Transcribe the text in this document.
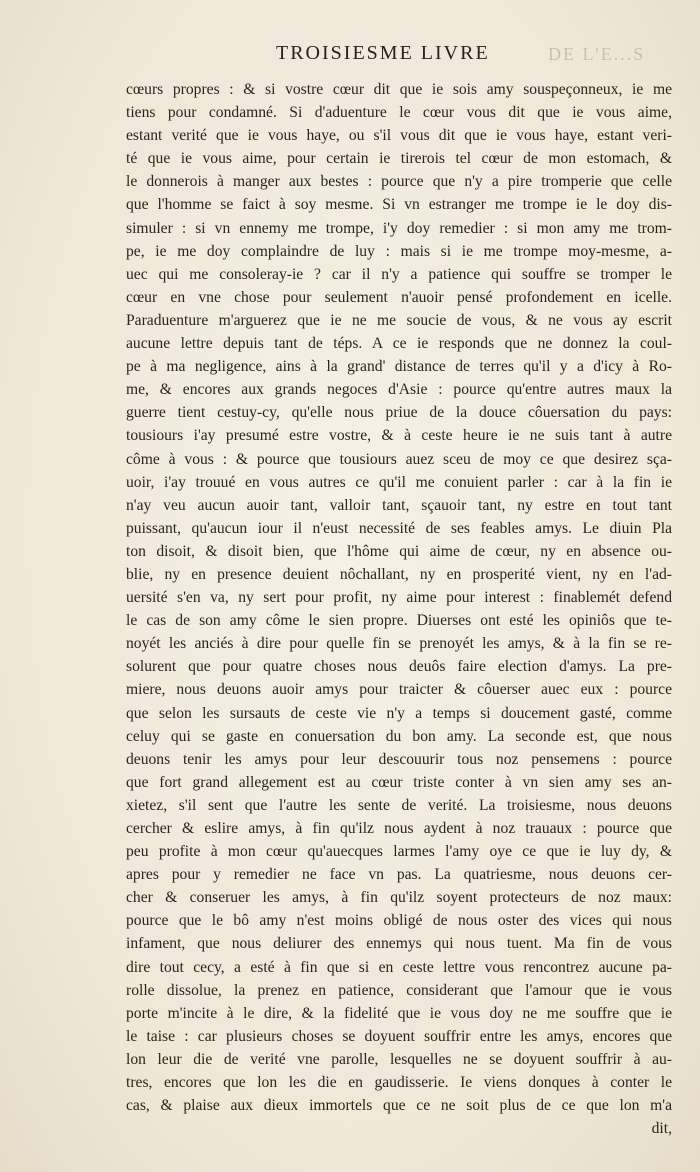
TROISIESME LIVRE	DE L'E...S
cœurs propres : & si vostre cœur dit que ie sois amy souspeçonneux, ie me
tiens pour condamné. Si d'aduenture le cœur vous dit que ie vous aime,
estant verité que ie vous haye, ou s'il vous dit que ie vous haye, estant veri-
té que ie vous aime, pour certain ie tirerois tel cœur de mon estomach, &
le donnerois à manger aux bestes : pource que n'y a pire tromperie que celle
que l'homme se faict à soy mesme. Si vn estranger me trompe ie le doy dis-
simuler : si vn ennemy me trompe, i'y doy remedier : si mon amy me trom-
pe, ie me doy complaindre de luy : mais si ie me trompe moy-mesme, a-
uec qui me consoleray-ie ? car il n'y a patience qui souffre se tromper le
cœur en vne chose pour seulement n'auoir pensé profondement en icelle.
Paraduenture m'arguerez que ie ne me soucie de vous, & ne vous ay escrit
aucune lettre depuis tant de téps. A ce ie responds que ne donnez la coul-
pe à ma negligence, ains à la grand' distance de terres qu'il y a d'icy à Ro-
me, & encores aux grands negoces d'Asie : pource qu'entre autres maux la
guerre tient cestuy-cy, qu'elle nous priue de la douce côuersation du pays:
tousiours i'ay presumé estre vostre, & à ceste heure ie ne suis tant à autre
côme à vous : & pource que tousiours auez sceu de moy ce que desirez sça-
uoir, i'ay trouué en vous autres ce qu'il me conuient parler : car à la fin ie
n'ay veu aucun auoir tant, valloir tant, sçauoir tant, ny estre en tout tant
puissant, qu'aucun iour il n'eust necessité de ses feables amys. Le diuin Pla
ton disoit, & disoit bien, que l'hôme qui aime de cœur, ny en absence ou-
blie, ny en presence deuient nôchallant, ny en prosperité vient, ny en l'ad-
uersité s'en va, ny sert pour profit, ny aime pour interest : finablemét defend
le cas de son amy côme le sien propre. Diuerses ont esté les opiniôs que te-
noyét les anciés à dire pour quelle fin se prenoyét les amys, & à la fin se re-
solurent que pour quatre choses nous deuôs faire election d'amys. La pre-
miere, nous deuons auoir amys pour traicter & côuerser auec eux : pource
que selon les sursauts de ceste vie n'y a temps si doucement gasté, comme
celuy qui se gaste en conuersation du bon amy. La seconde est, que nous
deuons tenir les amys pour leur descouurir tous noz pensemens : pource
que fort grand allegement est au cœur triste conter à vn sien amy ses an-
xietez, s'il sent que l'autre les sente de verité. La troisiesme, nous deuons
cercher & eslire amys, à fin qu'ilz nous aydent à noz trauaux : pource que
peu profite à mon cœur qu'auecques larmes l'amy oye ce que ie luy dy, &
apres pour y remedier ne face vn pas. La quatriesme, nous deuons cer-
cher & conseruer les amys, à fin qu'ilz soyent protecteurs de noz maux:
pource que le bô amy n'est moins obligé de nous oster des vices qui nous
infament, que nous deliurer des ennemys qui nous tuent. Ma fin de vous
dire tout cecy, a esté à fin que si en ceste lettre vous rencontrez aucune pa-
rolle dissolue, la prenez en patience, considerant que l'amour que ie vous
porte m'incite à le dire, & la fidelité que ie vous doy ne me souffre que ie
le taise : car plusieurs choses se doyuent souffrir entre les amys, encores que
lon leur die de verité vne parolle, lesquelles ne se doyuent souffrir à au-
tres, encores que lon les die en gaudisserie. Ie viens donques à conter le
cas, & plaise aux dieux immortels que ce ne soit plus de ce que lon m'a
dit,
